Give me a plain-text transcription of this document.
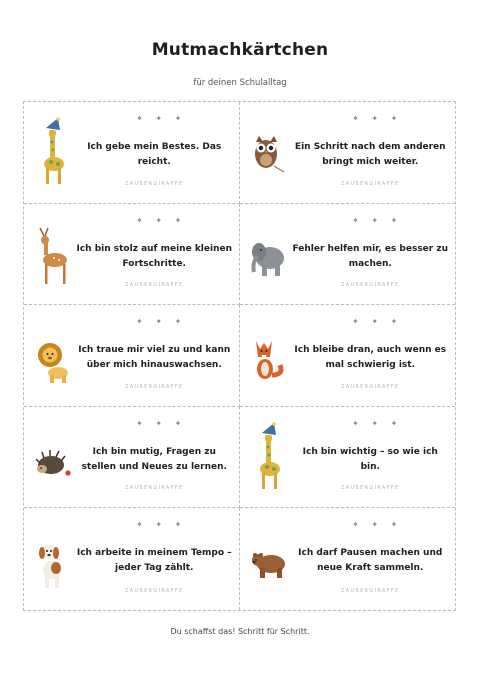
Mutmachkärtchen
für deinen Schulalltag
✦ ✦ ✦
Ich gebe mein Bestes. Das reicht.
ZAUBERGIRAFFE
✦ ✦ ✦
Ein Schritt nach dem anderen bringt mich weiter.
ZAUBERGIRAFFE
✦ ✦ ✦
Ich bin stolz auf meine kleinen Fortschritte.
ZAUBERGIRAFFE
✦ ✦ ✦
Fehler helfen mir, es besser zu machen.
ZAUBERGIRAFFE
✦ ✦ ✦
Ich traue mir viel zu und kann über mich hinauswachsen.
ZAUBERGIRAFFE
✦ ✦ ✦
Ich bleibe dran, auch wenn es mal schwierig ist.
ZAUBERGIRAFFE
✦ ✦ ✦
Ich bin mutig, Fragen zu stellen und Neues zu lernen.
ZAUBERGIRAFFE
✦ ✦ ✦
Ich bin wichtig – so wie ich bin.
ZAUBERGIRAFFE
✦ ✦ ✦
Ich arbeite in meinem Tempo – jeder Tag zählt.
ZAUBERGIRAFFE
✦ ✦ ✦
Ich darf Pausen machen und neue Kraft sammeln.
ZAUBERGIRAFFE
Du schaffst das! Schritt für Schritt.
